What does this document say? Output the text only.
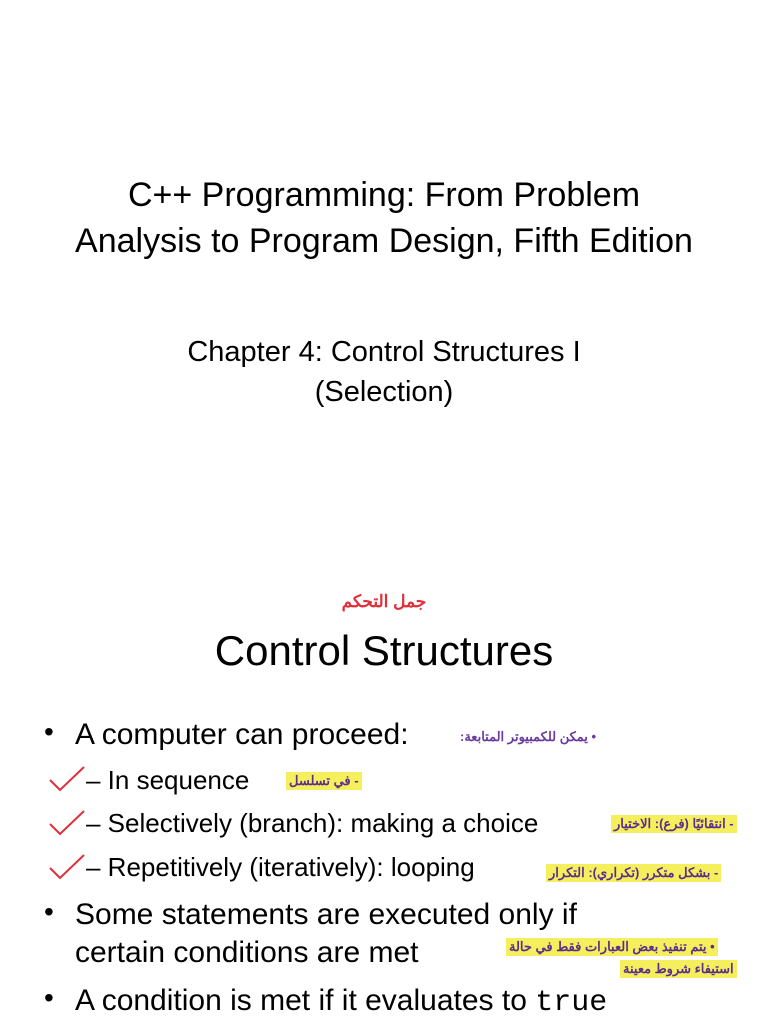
C++ Programming: From Problem
Analysis to Program Design, Fifth Edition
Chapter 4: Control Structures I
(Selection)
جمل التحكم
Control Structures
• A computer can proceed:	• يمكن للكمبيوتر المتابعة:
– In sequence	- في تسلسل
– Selectively (branch): making a choice	- انتقائيًا (فرع): الاختيار
– Repetitively (iteratively): looping	- بشكل متكرر (تكراري): التكرار
• Some statements are executed only if
certain conditions are met	• يتم تنفيذ بعض العبارات فقط في حالة
استيفاء شروط معينة
• A condition is met if it evaluates to true
